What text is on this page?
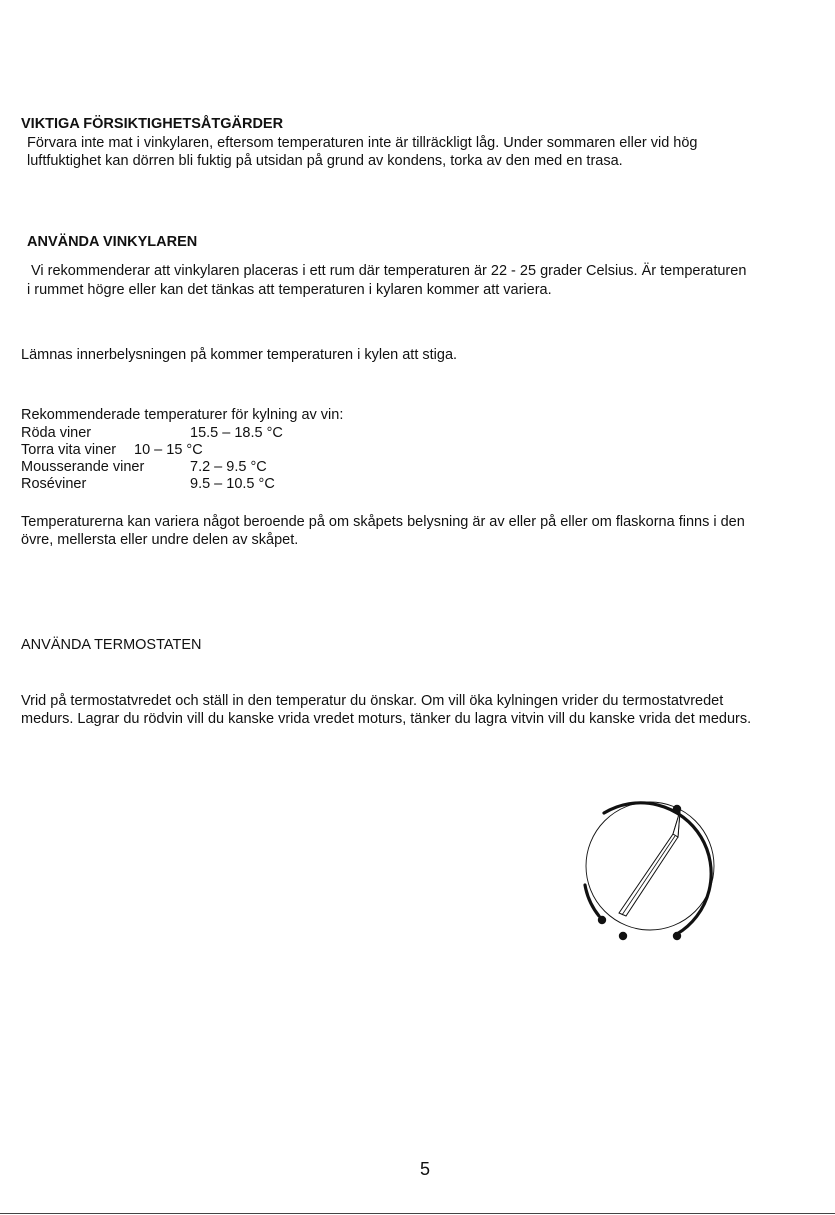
VIKTIGA FÖRSIKTIGHETSÅTGÄRDER
Förvara inte mat i vinkylaren, eftersom temperaturen inte är tillräckligt låg. Under sommaren eller vid hög
luftfuktighet kan dörren bli fuktig på utsidan på grund av kondens, torka av den med en trasa.
ANVÄNDA VINKYLAREN
Vi rekommenderar att vinkylaren placeras i ett rum där temperaturen är 22 - 25 grader Celsius. Är temperaturen
i rummet högre eller kan det tänkas att temperaturen i kylaren kommer att variera.
Lämnas innerbelysningen på kommer temperaturen i kylen att stiga.
Rekommenderade temperaturer för kylning av vin:
Röda viner	15.5 – 18.5 °C
Torra vita viner 10 – 15 °C
Mousserande viner	7.2 – 9.5 °C
Roséviner	9.5 – 10.5 °C
Temperaturerna kan variera något beroende på om skåpets belysning är av eller på eller om flaskorna finns i den
övre, mellersta eller undre delen av skåpet.
ANVÄNDA TERMOSTATEN
Vrid på termostatvredet och ställ in den temperatur du önskar. Om vill öka kylningen vrider du termostatvredet
medurs. Lagrar du rödvin vill du kanske vrida vredet moturs, tänker du lagra vitvin vill du kanske vrida det medurs.
5
